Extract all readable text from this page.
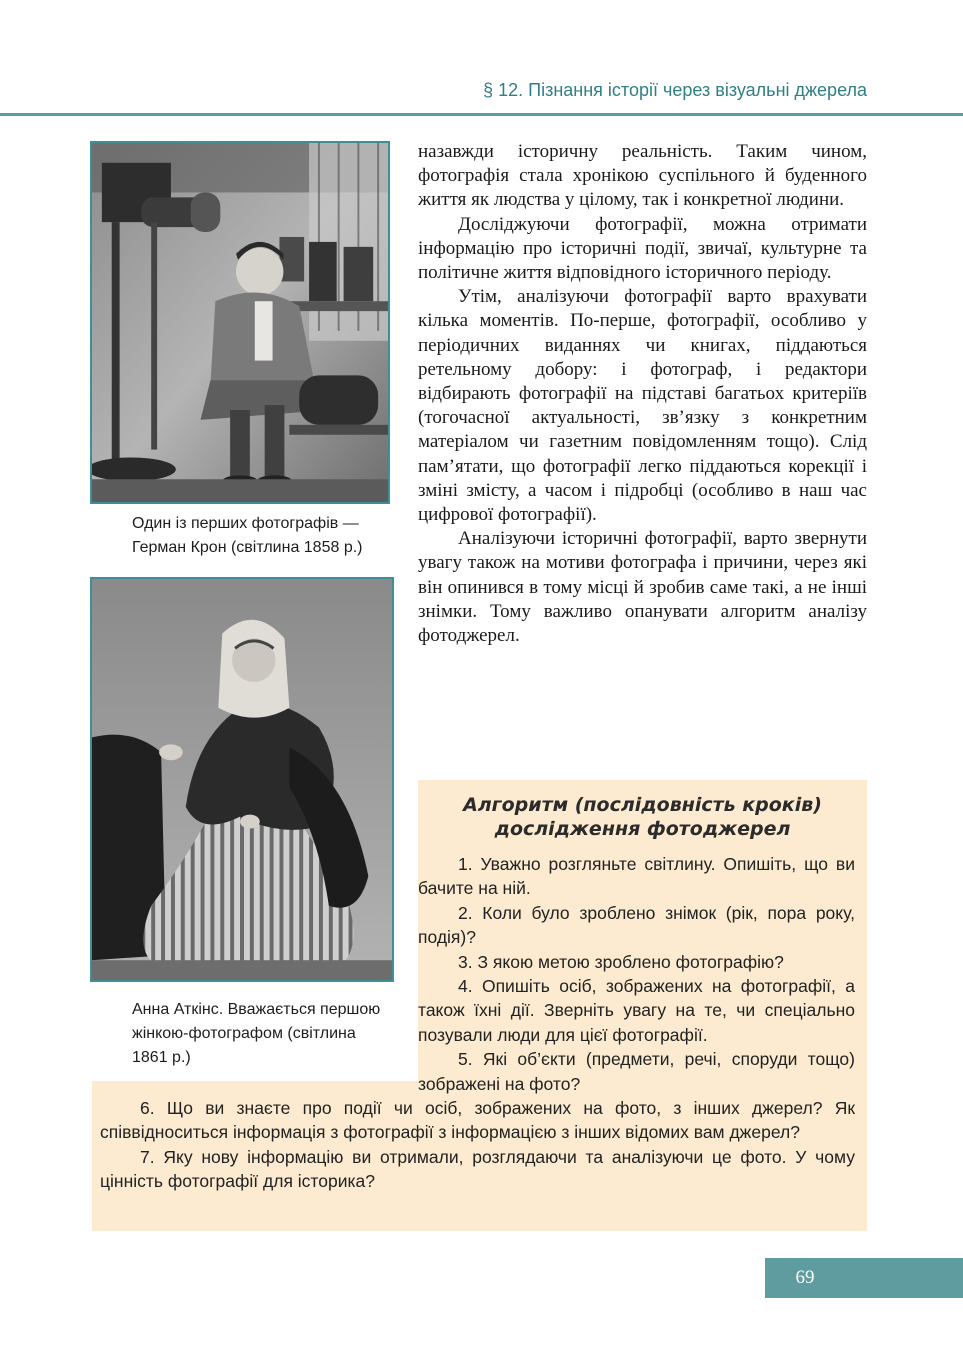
§ 12. Пізнання історії через візуальні джерела
Один із перших фотографів —
Герман Крон (світлина 1858 р.)
Анна Аткінс. Вважається першою
жінкою-фотографом (світлина
1861 р.)

назавжди історичну реальність. Таким чином, фотографія стала хронікою суспільного й буденного життя як людства у цілому, так і конкретної людини.

Досліджуючи фотографії, можна отримати інформацію про історичні події, звичаї, культурне та політичне життя відповідного історичного періоду.

Утім, аналізуючи фотографії варто врахувати кілька моментів. По-перше, фотографії, особливо у періодичних виданнях чи книгах, піддаються ретельному добору: і фотограф, і редактори відбирають фотографії на підставі багатьох критеріїв (тогочасної актуальності, зв’язку з конкретним матеріалом чи газетним повідомленням тощо). Слід пам’ятати, що фотографії легко піддаються корекції і зміні змісту, а часом і підробці (особливо в наш час цифрової фотографії).

Аналізуючи історичні фотографії, варто звернути увагу також на мотиви фотографа і причини, через які він опинився в тому місці й зробив саме такі, а не інші знімки. Тому важливо опанувати алгоритм аналізу фотоджерел.

Алгоритм (послідовність кроків)
дослідження фотоджерел

1. Уважно розгляньте світлину. Опишіть, що ви бачите на ній.

2. Коли було зроблено знімок (рік, пора року, подія)?

3. З якою метою зроблено фотографію?

4. Опишіть осіб, зображених на фотографії, а також їхні дії. Зверніть увагу на те, чи спеціально позували люди для цієї фотографії.

5. Які об’єкти (предмети, речі, споруди тощо) зображені на фото?

6. Що ви знаєте про події чи осіб, зображених на фото, з інших джерел? Як співвідноситься інформація з фотографії з інформацією з інших відомих вам джерел?

7. Яку нову інформацію ви отримали, розглядаючи та аналізуючи це фото. У чому цінність фотографії для історика?

69
